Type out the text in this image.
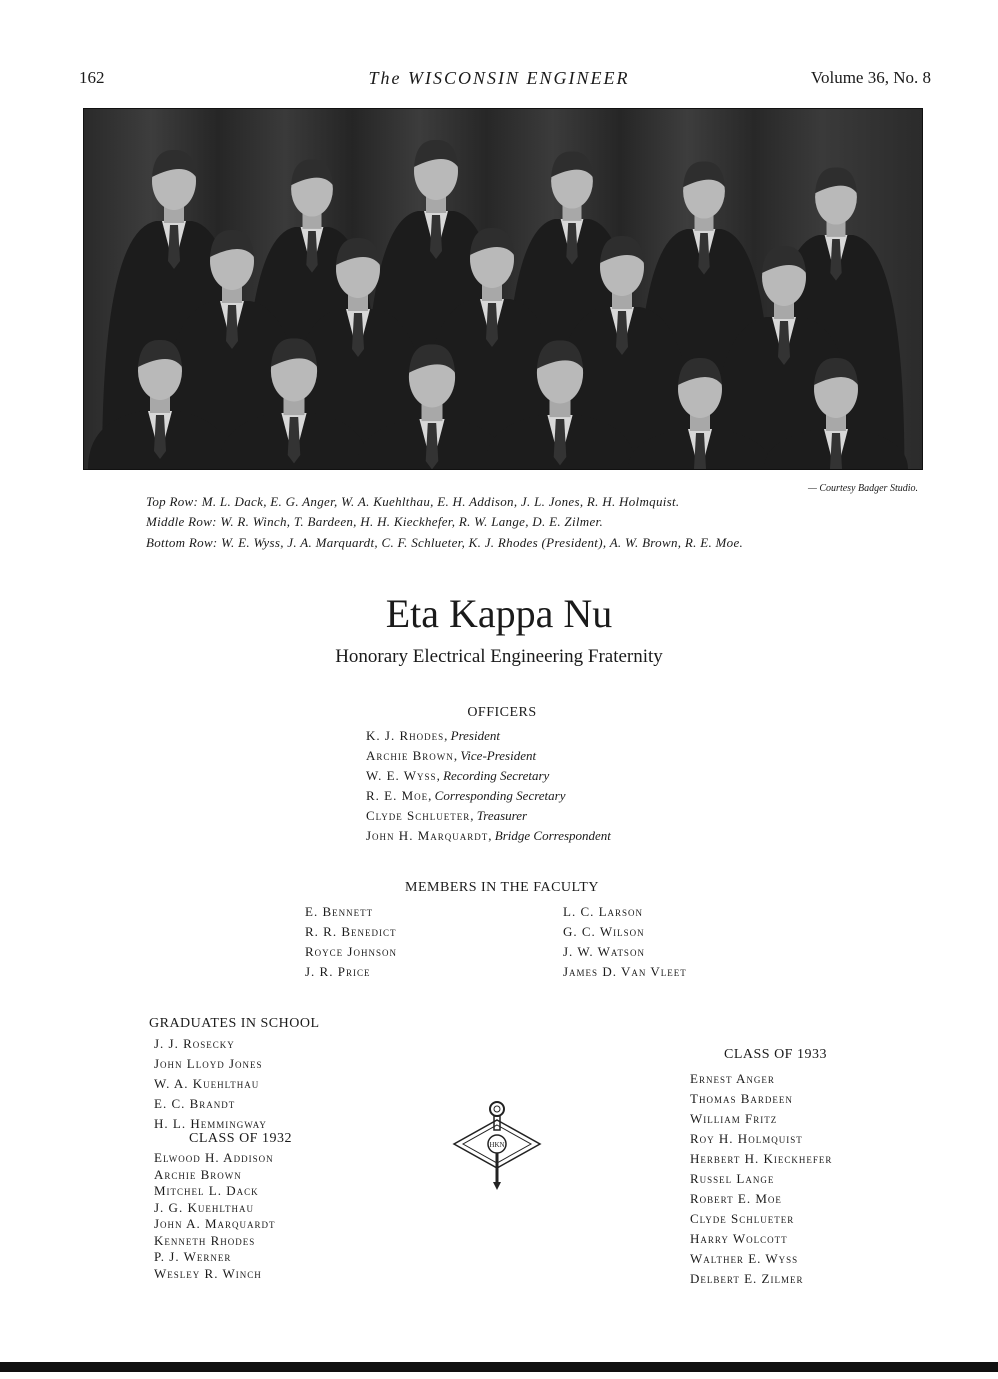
162	The WISCONSIN ENGINEER	Volume 36, No. 8
— Courtesy Badger Studio.
Top Row: M. L. Dack, E. G. Anger, W. A. Kuehlthau, E. H. Addison, J. L. Jones, R. H. Holmquist.
Middle Row: W. R. Winch, T. Bardeen, H. H. Kieckhefer, R. W. Lange, D. E. Zilmer.
Bottom Row: W. E. Wyss, J. A. Marquardt, C. F. Schlueter, K. J. Rhodes (President), A. W. Brown, R. E. Moe.
Eta Kappa Nu
Honorary Electrical Engineering Fraternity
OFFICERS
K. J. Rhodes, President
Archie Brown, Vice-President
W. E. Wyss, Recording Secretary
R. E. Moe, Corresponding Secretary
Clyde Schlueter, Treasurer
John H. Marquardt, Bridge Correspondent
MEMBERS IN THE FACULTY
E. Bennett
R. R. Benedict
Royce Johnson
J. R. Price
L. C. Larson
G. C. Wilson
J. W. Watson
James D. Van Vleet
GRADUATES IN SCHOOL
J. J. Rosecky
John Lloyd Jones
W. A. Kuehlthau
E. C. Brandt
H. L. Hemmingway
CLASS OF 1932
Elwood H. Addison
Archie Brown
Mitchel L. Dack
J. G. Kuehlthau
John A. Marquardt
Kenneth Rhodes
P. J. Werner
Wesley R. Winch
HKN
CLASS OF 1933
Ernest Anger
Thomas Bardeen
William Fritz
Roy H. Holmquist
Herbert H. Kieckhefer
Russel Lange
Robert E. Moe
Clyde Schlueter
Harry Wolcott
Walther E. Wyss
Delbert E. Zilmer
